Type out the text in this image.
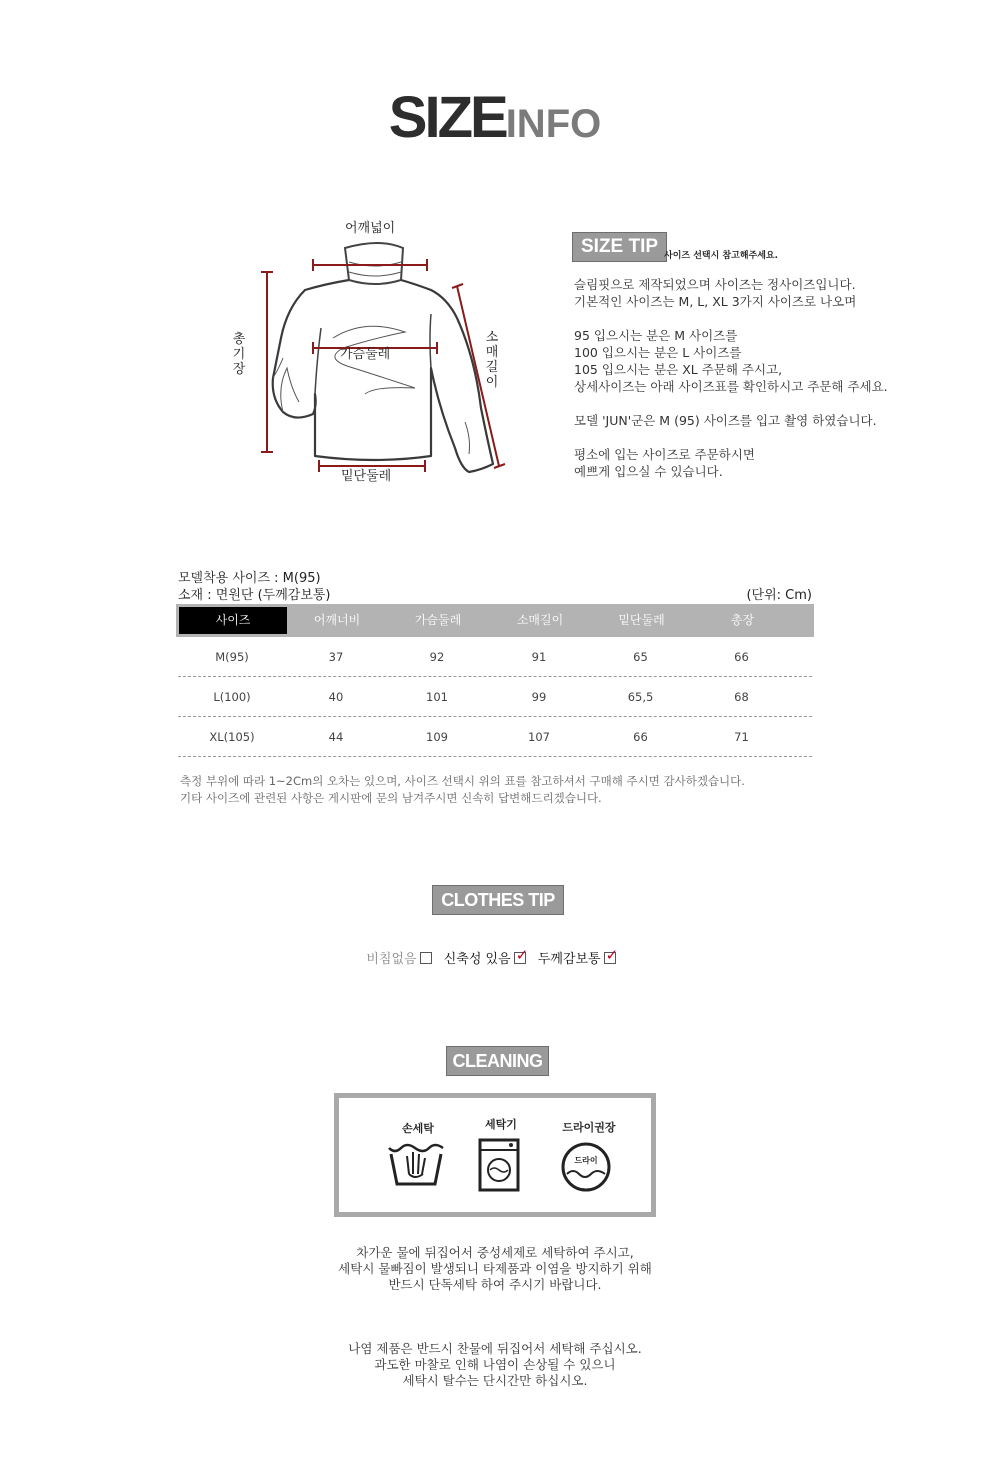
SIZEINFO
어깨넓이
가슴둘레
밑단둘레
총기장
소매길이
SIZE TIP 사이즈 선택시 참고해주세요.
슬림핏으로 제작되었으며 사이즈는 정사이즈입니다.
기본적인 사이즈는 M, L, XL 3가지 사이즈로 나오며

95 입으시는 분은 M 사이즈를
100 입으시는 분은 L 사이즈를
105 입으시는 분은 XL 주문해 주시고,
상세사이즈는 아래 사이즈표를 확인하시고 주문해 주세요.

모델 'JUN'군은 M (95) 사이즈를 입고 촬영 하였습니다.

평소에 입는 사이즈로 주문하시면
예쁘게 입으실 수 있습니다.
모델착용 사이즈 : M(95)
소재 : 면원단 (두께감보통)	(단위: Cm)
사이즈	어깨너비	가슴둘레	소매길이	밑단둘레	총장
M(95)	37	92	91	65	66
L(100)	40	101	99	65,5	68
XL(105)	44	109	107	66	71
측정 부위에 따라 1~2Cm의 오차는 있으며, 사이즈 선택시 위의 표를 참고하셔서 구매해 주시면 감사하겠습니다.
기타 사이즈에 관련된 사항은 게시판에 문의 남겨주시면 신속히 답변해드리겠습니다.
CLOTHES TIP
비침없음 신축성 있음 ✓ 두께감보통 ✓
CLEANING
손세탁	세탁기	드라이권장
드라이

차가운 물에 뒤집어서 중성세제로 세탁하여 주시고,
세탁시 물빠짐이 발생되니 타제품과 이염을 방지하기 위해
반드시 단독세탁 하여 주시기 바랍니다.

나염 제품은 반드시 찬물에 뒤집어서 세탁해 주십시오.
과도한 마찰로 인해 나염이 손상될 수 있으니
세탁시 탈수는 단시간만 하십시오.
